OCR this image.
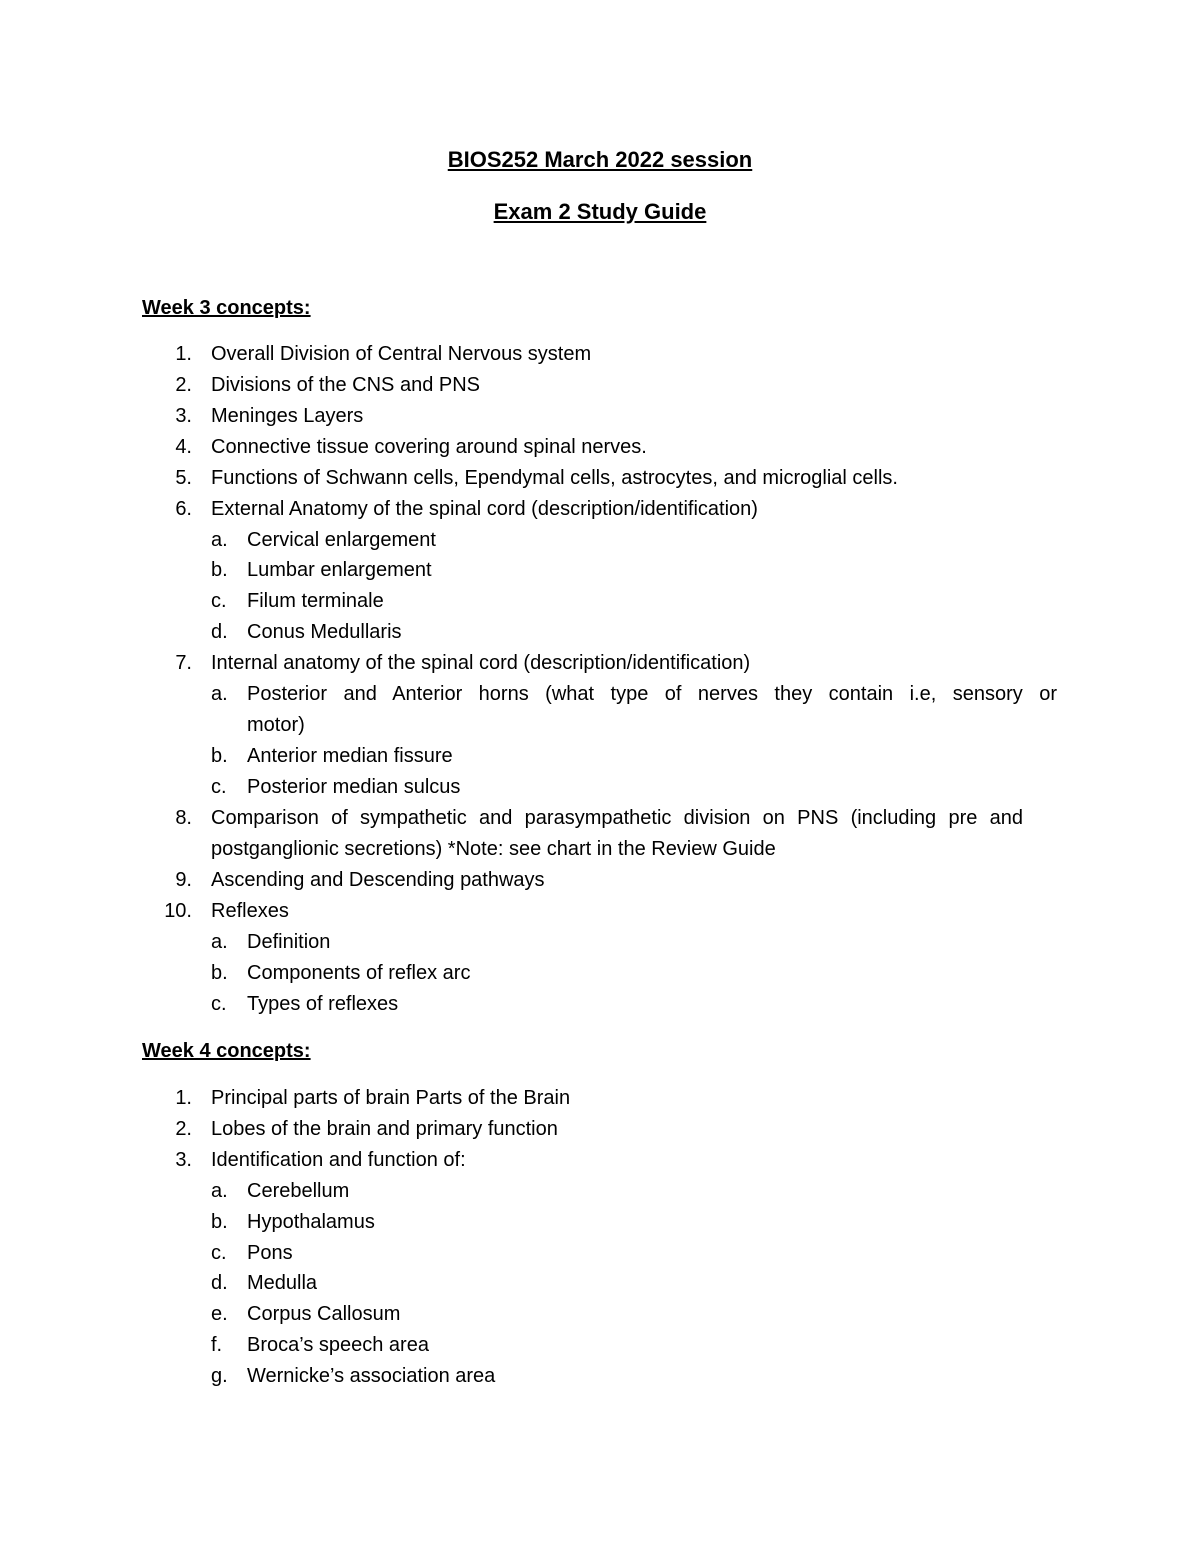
BIOS252 March 2022 session
Exam 2 Study Guide
Week 3 concepts:
1. Overall Division of Central Nervous system
2. Divisions of the CNS and PNS
3. Meninges Layers
4. Connective tissue covering around spinal nerves.
5. Functions of Schwann cells, Ependymal cells, astrocytes, and microglial cells.
6. External Anatomy of the spinal cord (description/identification)
a. Cervical enlargement
b. Lumbar enlargement
c. Filum terminale
d. Conus Medullaris
7. Internal anatomy of the spinal cord (description/identification)
a. Posterior and Anterior horns (what type of nerves they contain i.e, sensory or
motor)
b. Anterior median fissure
c. Posterior median sulcus
8. Comparison of sympathetic and parasympathetic division on PNS (including pre and
postganglionic secretions) *Note: see chart in the Review Guide
9. Ascending and Descending pathways
10. Reflexes
a. Definition
b. Components of reflex arc
c. Types of reflexes
Week 4 concepts:
1. Principal parts of brain Parts of the Brain
2. Lobes of the brain and primary function
3. Identification and function of:
a. Cerebellum
b. Hypothalamus
c. Pons
d. Medulla
e. Corpus Callosum
f. Broca’s speech area
g. Wernicke’s association area
